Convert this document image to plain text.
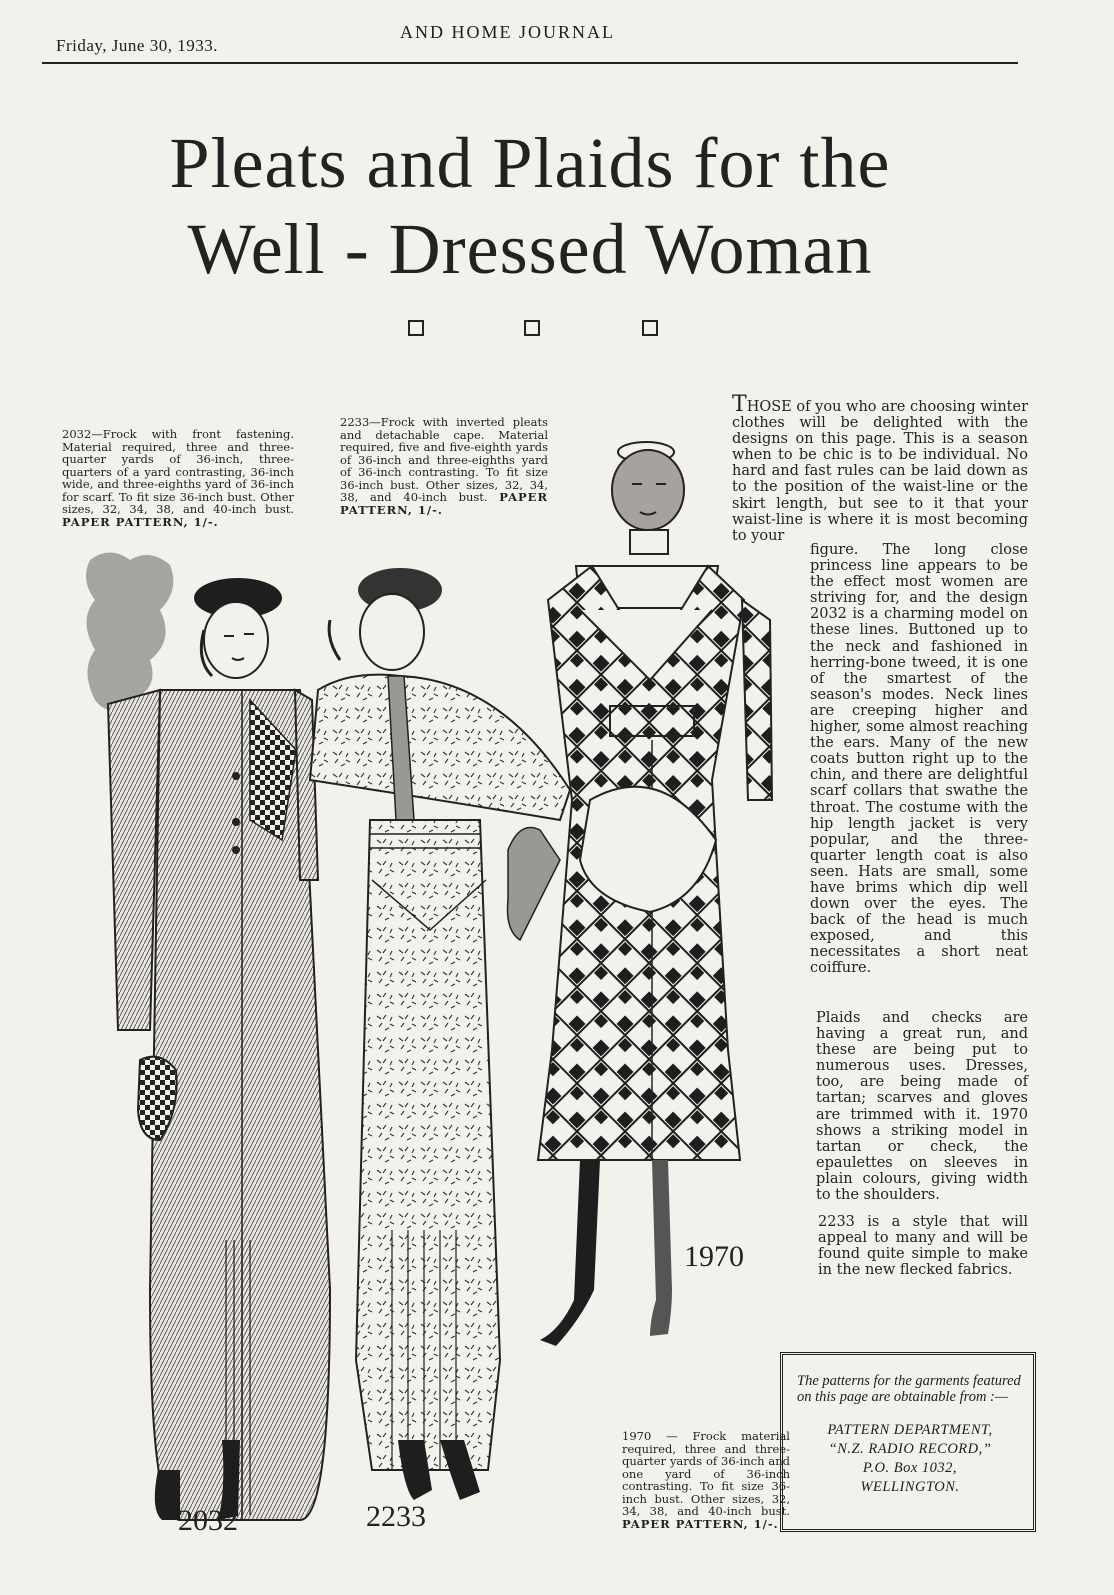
Friday, June 30, 1933.
AND HOME JOURNAL
Pleats and Plaids for the
Well - Dressed Woman
2032—Frock with front fastening. Material required, three and three-quarter yards of 36-inch, three-quarters of a yard contrasting, 36-inch wide, and three-eighths yard of 36-inch for scarf. To fit size 36-inch bust. Other sizes, 32, 34, 38, and 40-inch bust. PAPER PATTERN, 1/-.
2233—Frock with inverted pleats and detachable cape. Material required, five and five-eighth yards of 36-inch and three-eighths yard of 36-inch contrasting. To fit size 36-inch bust. Other sizes, 32, 34, 38, and 40-inch bust. PAPER PATTERN, 1/-.
1970 — Frock material required, three and three-quarter yards of 36-inch and one yard of 36-inch contrasting. To fit size 36-inch bust. Other sizes, 32, 34, 38, and 40-inch bust. PAPER PATTERN, 1/-.

THOSE of you who are choosing winter clothes will be delighted with the designs on this page. This is a season when to be chic is to be individual. No hard and fast rules can be laid down as to the position of the waist-line or the skirt length, but see to it that your waist-line is where it is most becoming to your

figure. The long close princess line appears to be the effect most women are striving for, and the design 2032 is a charming model on these lines. Buttoned up to the neck and fashioned in herring-bone tweed, it is one of the smartest of the season's modes. Neck lines are creeping higher and higher, some almost reaching the ears. Many of the new coats button right up to the chin, and there are delightful scarf collars that swathe the throat. The costume with the hip length jacket is very popular, and the three-quarter length coat is also seen. Hats are small, some have brims which dip well down over the eyes. The back of the head is much exposed, and this necessitates a short neat coiffure.

Plaids and checks are having a great run, and these are being put to numerous uses. Dresses, too, are being made of tartan; scarves and gloves are trimmed with it. 1970 shows a striking model in tartan or check, the epaulettes on sleeves in plain colours, giving width to the shoulders.

2233 is a style that will appeal to many and will be found quite simple to make in the new flecked fabrics.

2032	2233
1970

The patterns for the garments featured on this page are obtainable from :—

PATTERN DEPARTMENT,
“N.Z. RADIO RECORD,”
P.O. Box 1032,
WELLINGTON.
